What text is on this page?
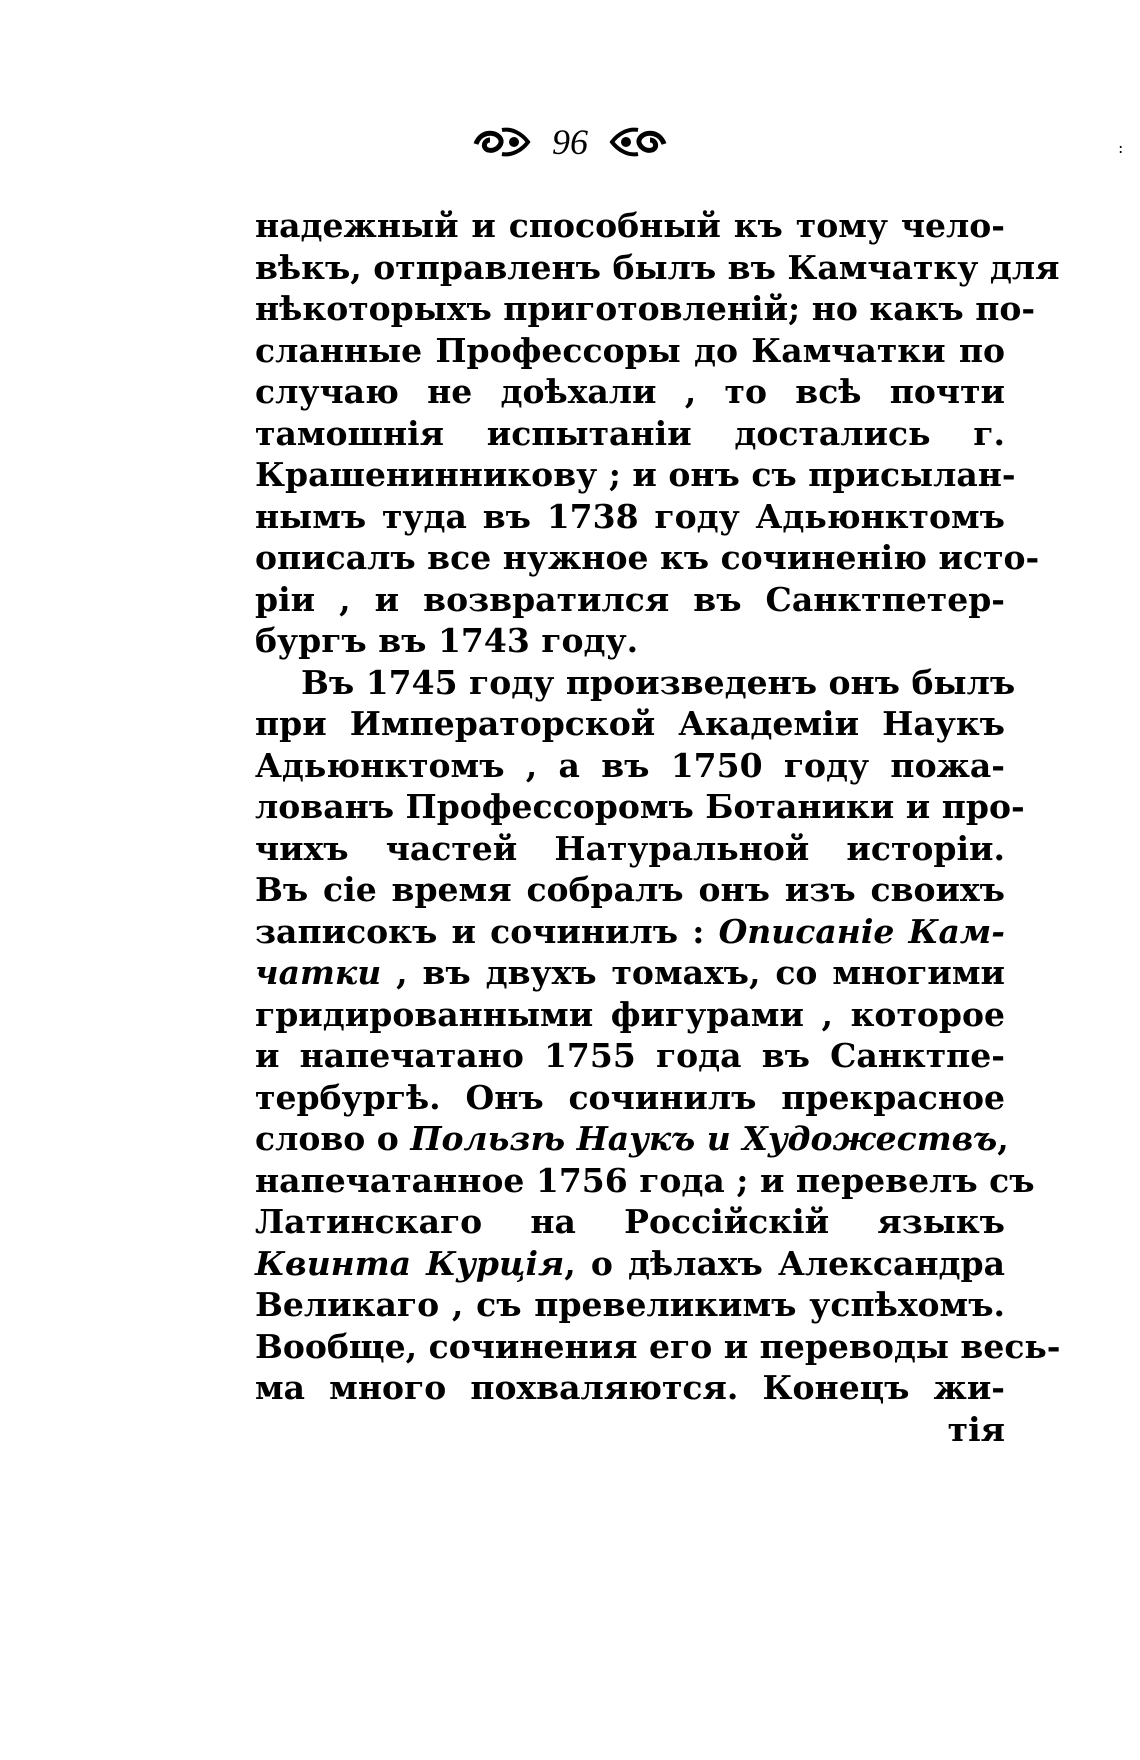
96	:
надежный и способный къ тому чело-
вѣкъ, отправленъ былъ въ Камчатку для
нѣкоторыхъ приготовленій; но какъ по-
сланные Профессоры до Камчатки по
случаю не доѣхали , то всѣ почти
тамошнія испытаніи достались г.
Крашенинникову ; и онъ съ присылан-
нымъ туда въ 1738 году Адьюнктомъ
описалъ все нужное къ сочиненію исто-
ріи , и возвратился въ Санктпетер-
бургъ въ 1743 году.
Въ 1745 году произведенъ онъ былъ
при Императорской Академіи Наукъ
Адьюнктомъ , а въ 1750 году пожа-
лованъ Профессоромъ Ботаники и про-
чихъ частей Натуральной исторіи.
Въ сіе время собралъ онъ изъ своихъ
записокъ и сочинилъ : Описаніе Кам-
чатки , въ двухъ томахъ, со многими
гридированными фигурами , которое
и напечатано 1755 года въ Санктпе-
тербургѣ. Онъ сочинилъ прекрасное
слово о Пользѣ Наукъ и Художествъ,
напечатанное 1756 года ; и перевелъ съ
Латинскаго на Россійскій языкъ
Квинта Курція, о дѣлахъ Александра
Великаго , съ превеликимъ успѣхомъ.
Вообще, сочинения его и переводы весь-
ма много похваляются. Конецъ жи-
тія
